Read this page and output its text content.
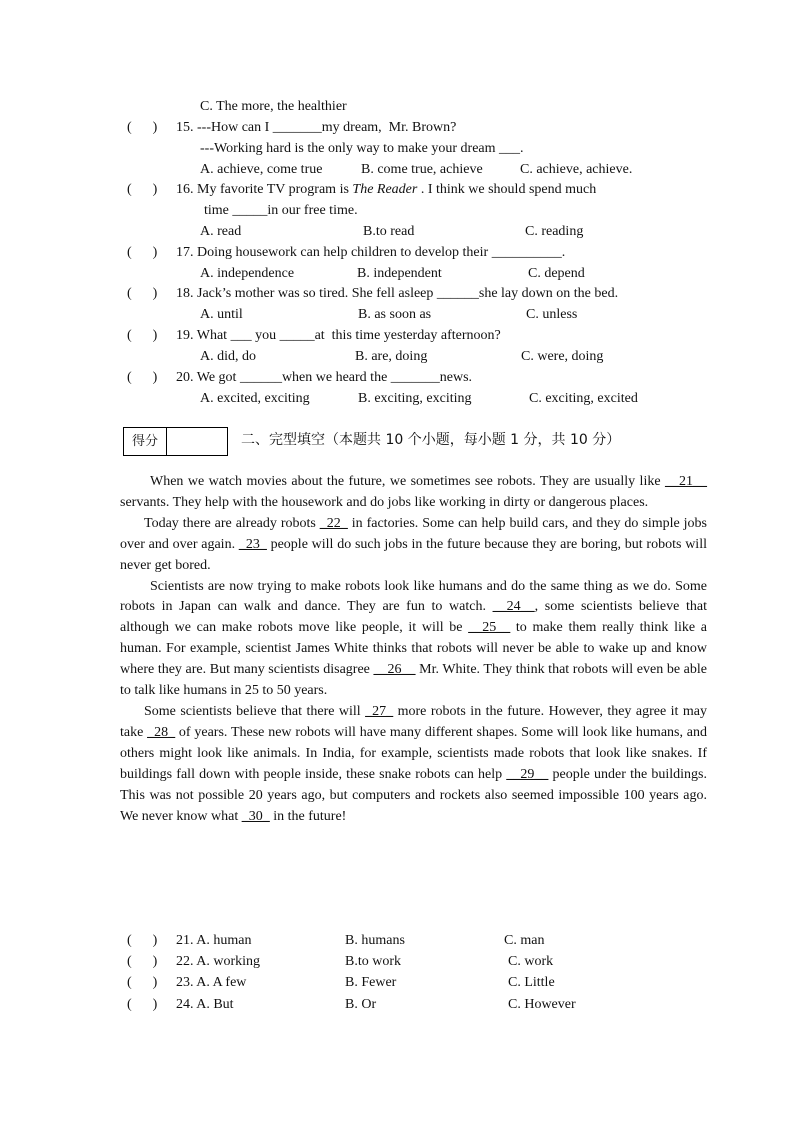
C. The more, the healthier
(      ) 15. ---How can I _______my dream,  Mr. Brown?
---Working hard is the only way to make your dream ___.
A. achieve, come true	B. come true, achieve	C. achieve, achieve.
(      ) 16. My favorite TV program is The Reader . I think we should spend much
time _____in our free time.
A. read	B.to read	C. reading
(      ) 17. Doing housework can help children to develop their __________.
A. independence	B. independent	C. depend
(      ) 18. Jack’s mother was so tired. She fell asleep ______she lay down on the bed.
A. until	B. as soon as	C. unless
(      ) 19. What ___ you _____at  this time yesterday afternoon?
A. did, do	B. are, doing	C. were, doing
(      ) 20. We got ______when we heard the _______news.
A. excited, exciting	B. exciting, exciting	C. exciting, excited
得分	二、完型填空（本题共 10 个小题，每小题 1 分，共 10 分）

When we watch movies about the future, we sometimes see robots. They are usually like __21__ servants. They help with the housework and do jobs like working in dirty or dangerous places.

Today there are already robots _22_ in factories. Some can help build cars, and they do simple jobs over and over again. _23_ people will do such jobs in the future because they are boring, but robots will never get bored.

Scientists are now trying to make robots look like humans and do the same thing as we do. Some robots in Japan can walk and dance. They are fun to watch. __24__, some scientists believe that although we can make robots move like people, it will be __25__ to make them really think like a human. For example, scientist James White thinks that robots will never be able to wake up and know where they are. But many scientists disagree __26__ Mr. White. They think that robots will even be able to talk like humans in 25 to 50 years.

Some scientists believe that there will _27_ more robots in the future. However, they agree it may take _28_ of years. These new robots will have many different shapes. Some will look like humans, and others might look like animals. In India, for example, scientists made robots that look like snakes. If buildings fall down with people inside, these snake robots can help __29__ people under the buildings. This was not possible 20 years ago, but computers and rockets also seemed impossible 100 years ago. We never know what _30_ in the future!

(      ) 21. A. human	B. humans	C. man
(      ) 22. A. working	B.to work	C. work
(      ) 23. A. A few	B. Fewer	C. Little
(      ) 24. A. But	B. Or	C. However
